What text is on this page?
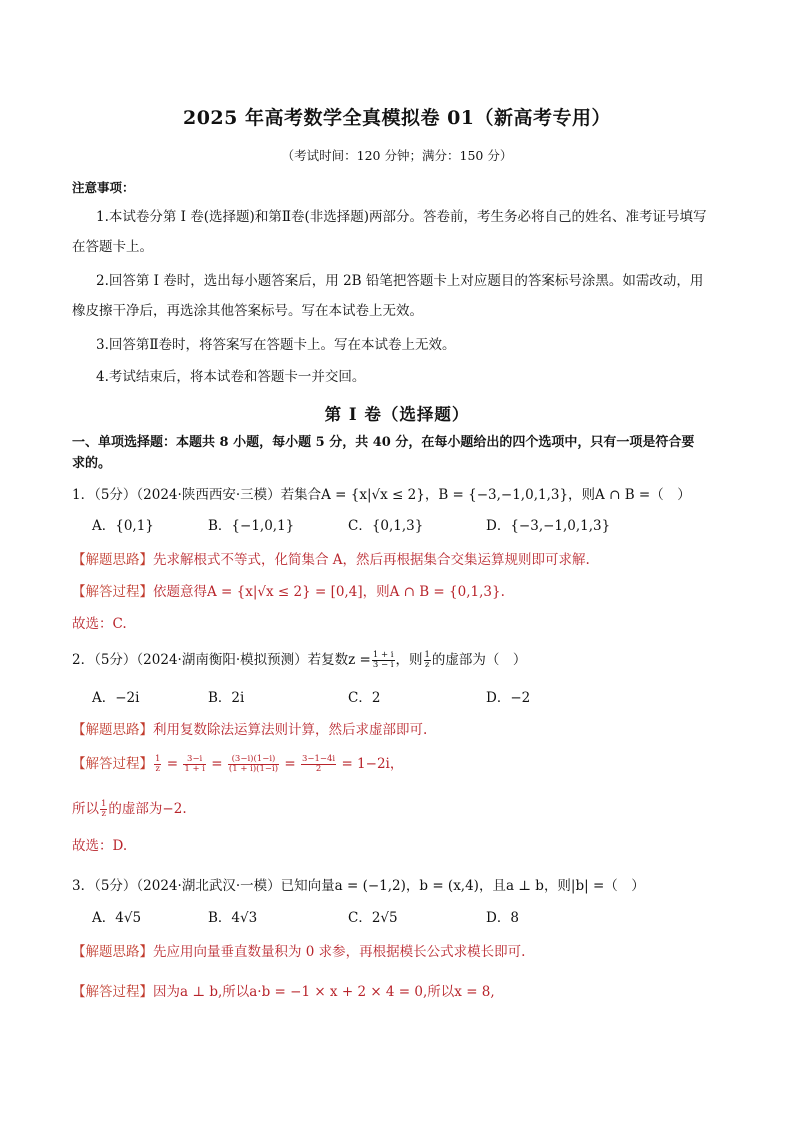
2025 年高考数学全真模拟卷 01（新高考专用）
（考试时间：120 分钟；满分：150 分）
注意事项：
1.本试卷分第 I 卷(选择题)和第Ⅱ卷(非选择题)两部分。答卷前，考生务必将自己的姓名、准考证号填写
在答题卡上。
2.回答第 I 卷时，选出每小题答案后，用 2B 铅笔把答题卡上对应题目的答案标号涂黑。如需改动，用
橡皮擦干净后，再选涂其他答案标号。写在本试卷上无效。
3.回答第Ⅱ卷时，将答案写在答题卡上。写在本试卷上无效。
4.考试结束后，将本试卷和答题卡一并交回。
第 I 卷（选择题）
一、单项选择题：本题共 8 小题，每小题 5 分，共 40 分，在每小题给出的四个选项中，只有一项是符合要
求的。
1．（5分）（2024·陕西西安·三模）若集合A = {x|√x ≤ 2}，B = {−3,−1,0,1,3}，则A ∩ B =（　）
A．{0,1}	B．{−1,0,1}	C．{0,1,3}	D．{−3,−1,0,1,3}
【解题思路】先求解根式不等式，化简集合 A，然后再根据集合交集运算规则即可求解.
【解答过程】依题意得A = {x|√x ≤ 2} = [0,4]，则A ∩ B = {0,1,3}.
故选：C.
2．（5分）（2024·湖南衡阳·模拟预测）若复数$z = \frac{1 + i}{3 - i}$ ，则 $\frac{1}{z}$ 的虚部为（　）
A．−2i	B．2i	C．2	D．−2
【解题思路】利用复数除法运算法则计算，然后求虚部即可.
【解答过程】 $\frac{1}{z} = \frac{3-i}{1 + i} = \frac{(3-i)(1-i)}{(1 + i)(1-i)} = \frac{3-1-4i}{2} = 1-2i$，
所以 $\frac{1}{z}$ 的虚部为−2.
故选：D.
3．（5分）（2024·湖北武汉·一模）已知向量a = (−1,2)，b = (x,4)，且a ⊥ b，则|b| =（　）
A．4√5	B．4√3	C．2√5	D．8
【解题思路】先应用向量垂直数量积为 0 求参，再根据模长公式求模长即可.
【解答过程】因为a ⊥ b,所以a·b = −1 × x + 2 × 4 = 0,所以x = 8,
